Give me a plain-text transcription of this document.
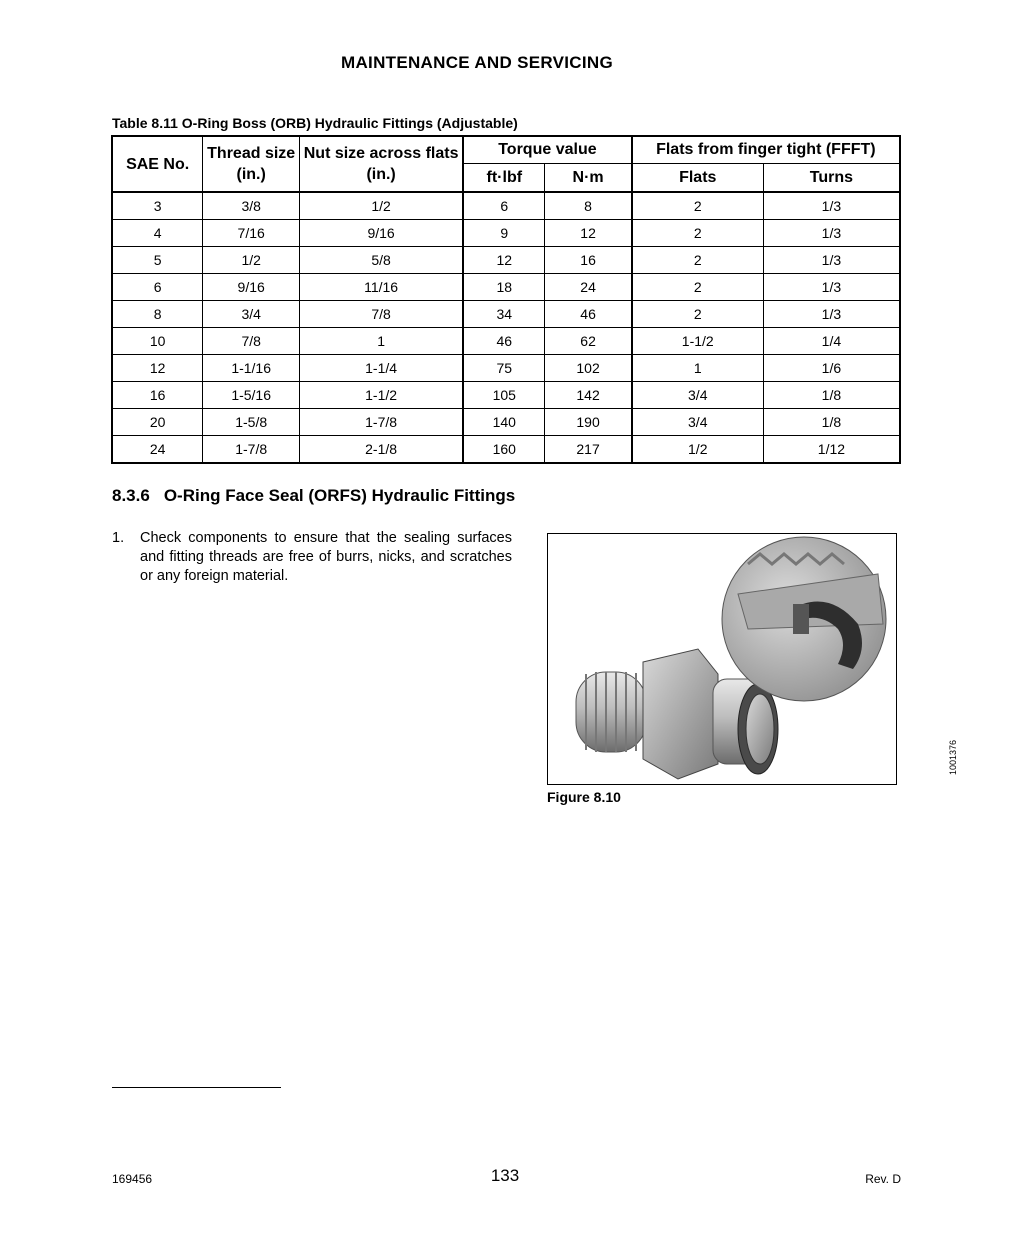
MAINTENANCE AND SERVICING
Table 8.11 O-Ring Boss (ORB) Hydraulic Fittings (Adjustable)
SAE No.	Thread size (in.)	Nut size across flats (in.)	Torque value		Flats from finger tight (FFFT)	
			ft·lbf	N·m	Flats	Turns
3	3/8	1/2	6	8	2	1/3
4	7/16	9/16	9	12	2	1/3
5	1/2	5/8	12	16	2	1/3
6	9/16	11/16	18	24	2	1/3
8	3/4	7/8	34	46	2	1/3
10	7/8	1	46	62	1-1/2	1/4
12	1-1/16	1-1/4	75	102	1	1/6
16	1-5/16	1-1/2	105	142	3/4	1/8
20	1-5/8	1-7/8	140	190	3/4	1/8
24	1-7/8	2-1/8	160	217	1/2	1/12
8.3.6 O-Ring Face Seal (ORFS) Hydraulic Fittings
1. Check components to ensure that the sealing surfaces and fitting threads are free of burrs, nicks, and scratches or any foreign material.
1001376
Figure 8.10
169456	133	Rev. D
